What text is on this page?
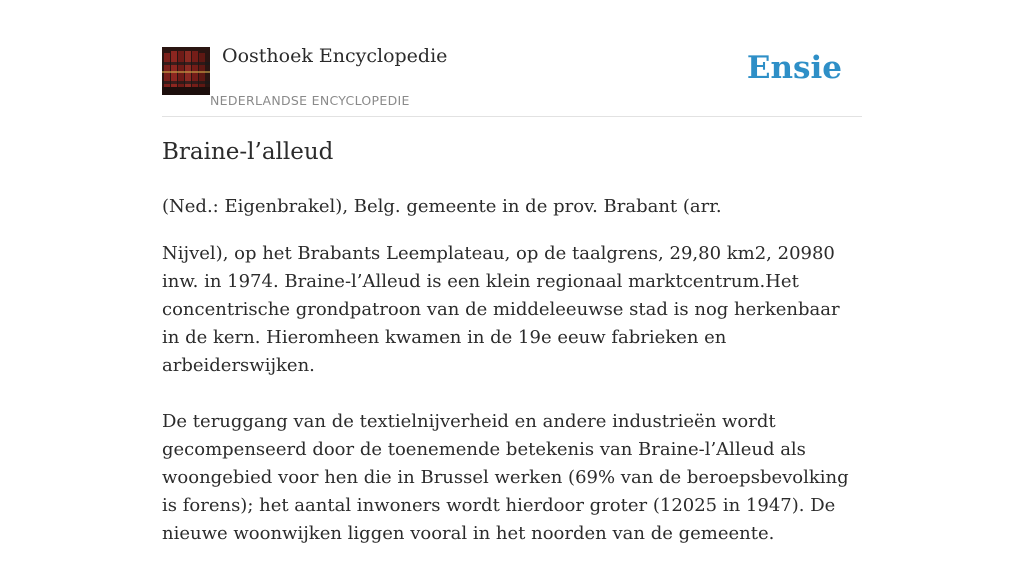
Oosthoek Encyclopedie
NEDERLANDSE ENCYCLOPEDIE
Ensie
Braine-l’alleud

(Ned.: Eigenbrakel), Belg. gemeente in de prov. Brabant (arr.

Nijvel), op het Brabants Leemplateau, op de taalgrens, 29,80 km2, 20980 inw. in 1974. Braine-l’Alleud is een klein regionaal marktcentrum.Het concentrische grondpatroon van de middeleeuwse stad is nog herkenbaar in de kern. Hieromheen kwamen in de 19e eeuw fabrieken en arbeiderswijken.

De teruggang van de textielnijverheid en andere industrieën wordt gecompenseerd door de toenemende betekenis van Braine-l’Alleud als woongebied voor hen die in Brussel werken (69% van de beroepsbevolking is forens); het aantal inwoners wordt hierdoor groter (12025 in 1947). De nieuwe woonwijken liggen vooral in het noorden van de gemeente.
